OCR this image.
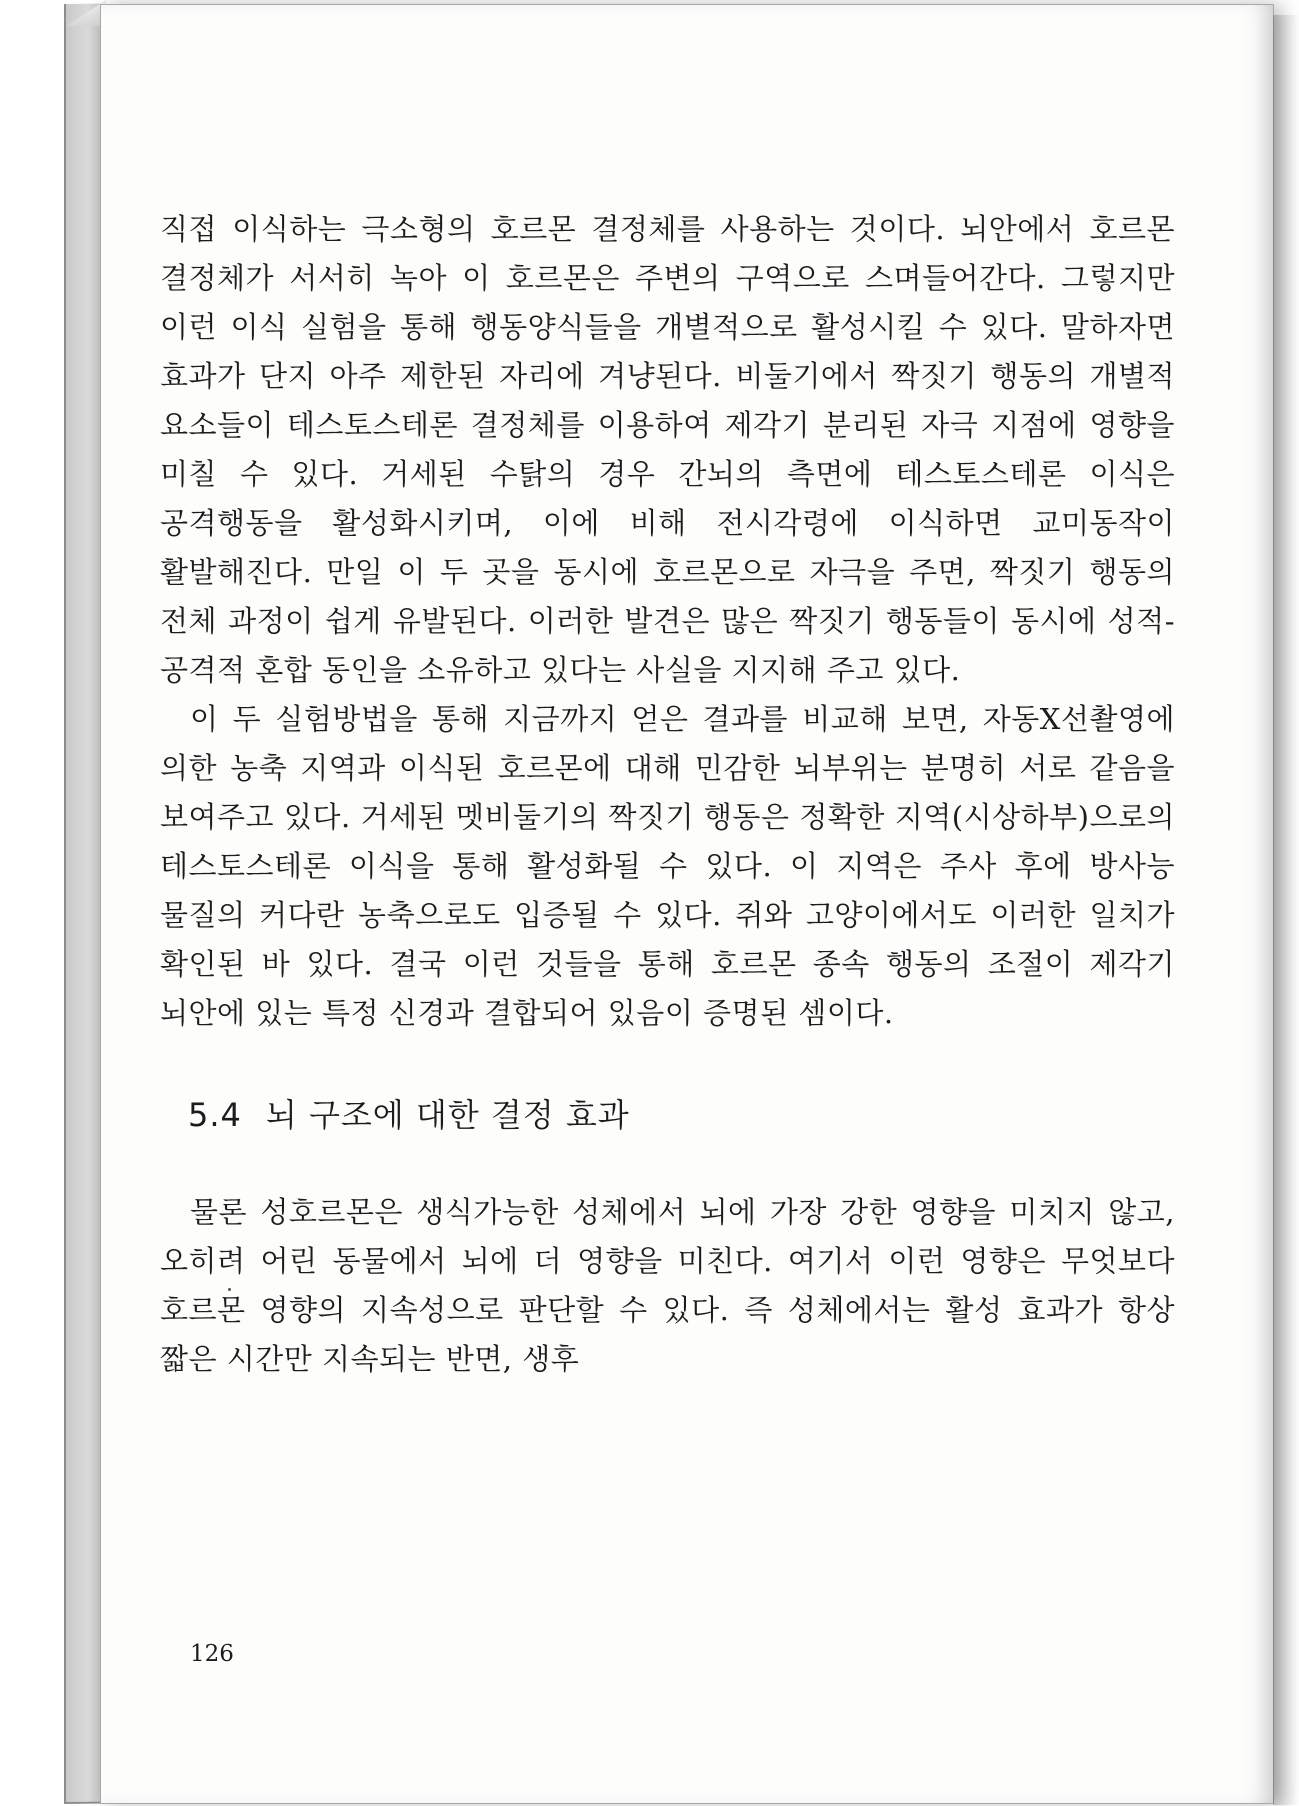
직접 이식하는 극소형의 호르몬 결정체를 사용하는 것이다. 뇌안에서 호르몬 결정체가 서서히 녹아 이 호르몬은 주변의 구역으로 스며들어간다. 그렇지만 이런 이식 실험을 통해 행동양식들을 개별적으로 활성시킬 수 있다. 말하자면 효과가 단지 아주 제한된 자리에 겨냥된다. 비둘기에서 짝짓기 행동의 개별적 요소들이 테스토스테론 결정체를 이용하여 제각기 분리된 자극 지점에 영향을 미칠 수 있다. 거세된 수탉의 경우 간뇌의 측면에 테스토스테론 이식은 공격행동을 활성화시키며, 이에 비해 전시각령에 이식하면 교미동작이 활발해진다. 만일 이 두 곳을 동시에 호르몬으로 자극을 주면, 짝짓기 행동의 전체 과정이 쉽게 유발된다. 이러한 발견은 많은 짝짓기 행동들이 동시에 성적-공격적 혼합 동인을 소유하고 있다는 사실을 지지해 주고 있다.

이 두 실험방법을 통해 지금까지 얻은 결과를 비교해 보면, 자동X선촬영에 의한 농축 지역과 이식된 호르몬에 대해 민감한 뇌부위는 분명히 서로 같음을 보여주고 있다. 거세된 멧비둘기의 짝짓기 행동은 정확한 지역(시상하부)으로의 테스토스테론 이식을 통해 활성화될 수 있다. 이 지역은 주사 후에 방사능 물질의 커다란 농축으로도 입증될 수 있다. 쥐와 고양이에서도 이러한 일치가 확인된 바 있다. 결국 이런 것들을 통해 호르몬 종속 행동의 조절이 제각기 뇌안에 있는 특정 신경과 결합되어 있음이 증명된 셈이다.

5.4 뇌 구조에 대한 결정 효과

물론 성호르몬은 생식가능한 성체에서 뇌에 가장 강한 영향을 미치지 않고, 오히려 어린 동물에서 뇌에 더 영향을 미친다. 여기서 이런 영향은 무엇보다 호르몬 영향의 지속성으로 판단할 수 있다. 즉 성체에서는 활성 효과가 항상 짧은 시간만 지속되는 반면, 생후

126
